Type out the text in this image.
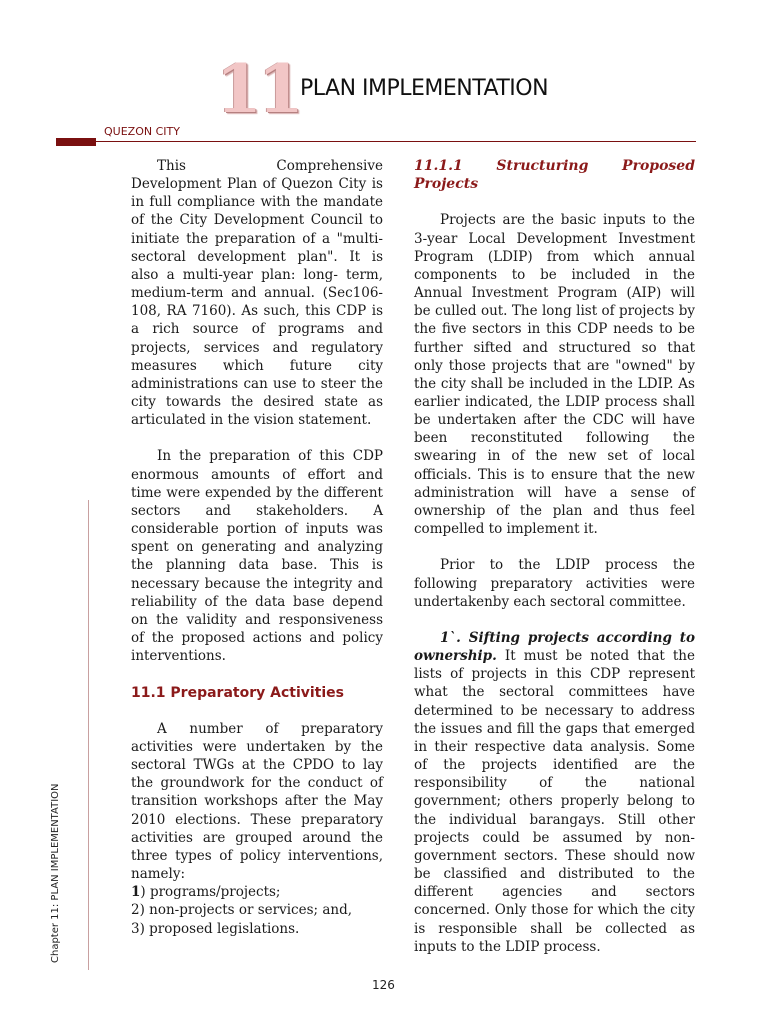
11 PLAN IMPLEMENTATION
QUEZON CITY
Chapter 11: PLAN IMPLEMENTATION

This Comprehensive Development Plan of Quezon City is in full compliance with the mandate of the City Development Council to initiate the preparation of a "multi-sectoral development plan". It is also a multi-year plan: long- term, medium-term and annual. (Sec106-108, RA 7160). As such, this CDP is a rich source of programs and projects, services and regulatory measures which future city administrations can use to steer the city towards the desired state as articulated in the vision statement.

In the preparation of this CDP enormous amounts of effort and time were expended by the different sectors and stakeholders. A considerable portion of inputs was spent on generating and analyzing the planning data base. This is necessary because the integrity and reliability of the data base depend on the validity and responsiveness of the proposed actions and policy interventions.

11.1 Preparatory Activities

A number of preparatory activities were undertaken by the sectoral TWGs at the CPDO to lay the groundwork for the conduct of transition workshops after the May 2010 elections. These preparatory activities are grouped around the three types of policy interventions, namely:

1) programs/projects;
2) non-projects or services; and,
3) proposed legislations.
11.1.1 Structuring Proposed Projects

Projects are the basic inputs to the 3-year Local Development Investment Program (LDIP) from which annual components to be included in the Annual Investment Program (AIP) will be culled out. The long list of projects by the five sectors in this CDP needs to be further sifted and structured so that only those projects that are "owned" by the city shall be included in the LDIP. As earlier indicated, the LDIP process shall be undertaken after the CDC will have been reconstituted following the swearing in of the new set of local officials. This is to ensure that the new administration will have a sense of ownership of the plan and thus feel compelled to implement it.

Prior to the LDIP process the following preparatory activities were undertakenby each sectoral committee.

1`. Sifting projects according to ownership. It must be noted that the lists of projects in this CDP represent what the sectoral committees have determined to be necessary to address the issues and fill the gaps that emerged in their respective data analysis. Some of the projects identified are the responsibility of the national government; others properly belong to the individual barangays. Still other projects could be assumed by non-government sectors. These should now be classified and distributed to the different agencies and sectors concerned. Only those for which the city is responsible shall be collected as inputs to the LDIP process.

126
